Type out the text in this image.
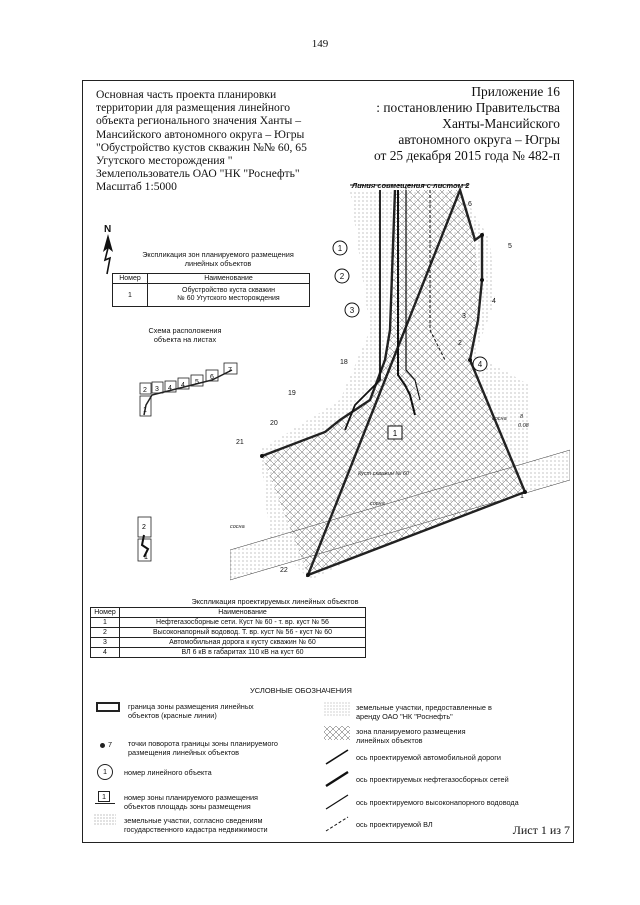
149
Основная часть проекта планировки
территории для размещения линейного
объекта регионального значения Ханты –
Мансийского автономного округа – Югры
"Обустройство кустов скважин №№ 60, 65
Угутского месторождения "
Землепользователь ОАО "НК "Роснефть"
Масштаб 1:5000
Приложение 16
: постановлению Правительства
Ханты-Мансийского
автономного округа – Югры
от 25 декабря 2015 года № 482-п
N
Экспликация зон планируемого размещения
линейных объектов
Номер	Наименование
1	Обустройство куста скважин
№ 60 Угутского месторождения
Схема расположения
объекта на листах
7
6
5
4
4
3
2
1
2
1
1
2
3
4
5
6
18
19
20
21
22
1
2
3
4
1
сосна 8
0.08
сосна
сосна
Куст скважин № 60
Линия совмещения с листом 2
Экспликация проектируемых линейных объектов
Номер	Наименование
1	Нефтегазосборные сети. Куст № 60 - т. вр. куст № 56
2	Высоконапорный водовод. Т. вр. куст № 56 - куст № 60
3	Автомобильная дорога к кусту скважин № 60
4	ВЛ 6 кВ в габаритах 110 кВ на куст 60
УСЛОВНЫЕ ОБОЗНАЧЕНИЯ
граница зоны размещения линейных
объектов (красные линии)
7 точки поворота границы зоны планируемого
размещения линейных объектов
1	номер линейного объекта
1	номер зоны планируемого размещения
объектов площадь зоны размещения
земельные участки, согласно сведениям
государственного кадастра недвижимости
земельные участки, предоставленные в
аренду ОАО "НК "Роснефть"
зона планируемого размещения
линейных объектов
ось проектируемой автомобильной дороги
ось проектируемых нефтегазосборных сетей
ось проектируемого высоконапорного водовода
ось проектируемой ВЛ	Лист 1 из 7
